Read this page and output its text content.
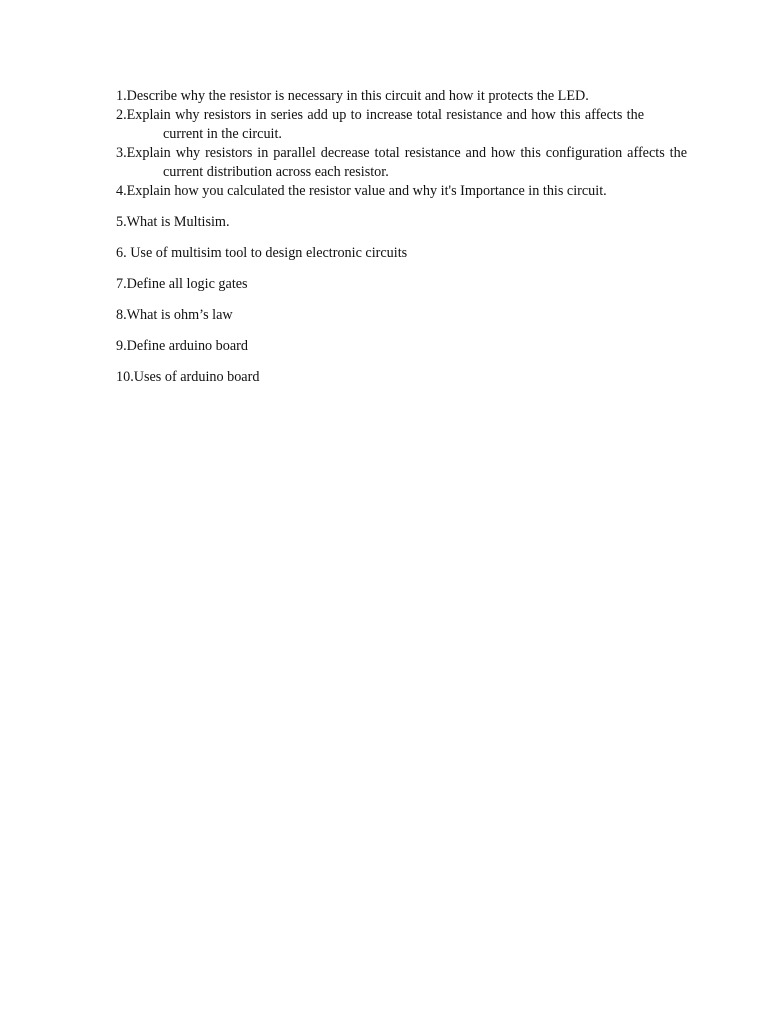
1.Describe why the resistor is necessary in this circuit and how it protects the LED.

2.Explain why resistors in series add up to increase total resistance and how this affects the current in the circuit.

3.Explain why resistors in parallel decrease total resistance and how this configuration affects the current distribution across each resistor.

4.Explain how you calculated the resistor value and why it's Importance in this circuit.

5.What is Multisim.

6. Use of multisim tool to design electronic circuits

7.Define all logic gates

8.What is ohm’s law

9.Define arduino board

10.Uses of arduino board
